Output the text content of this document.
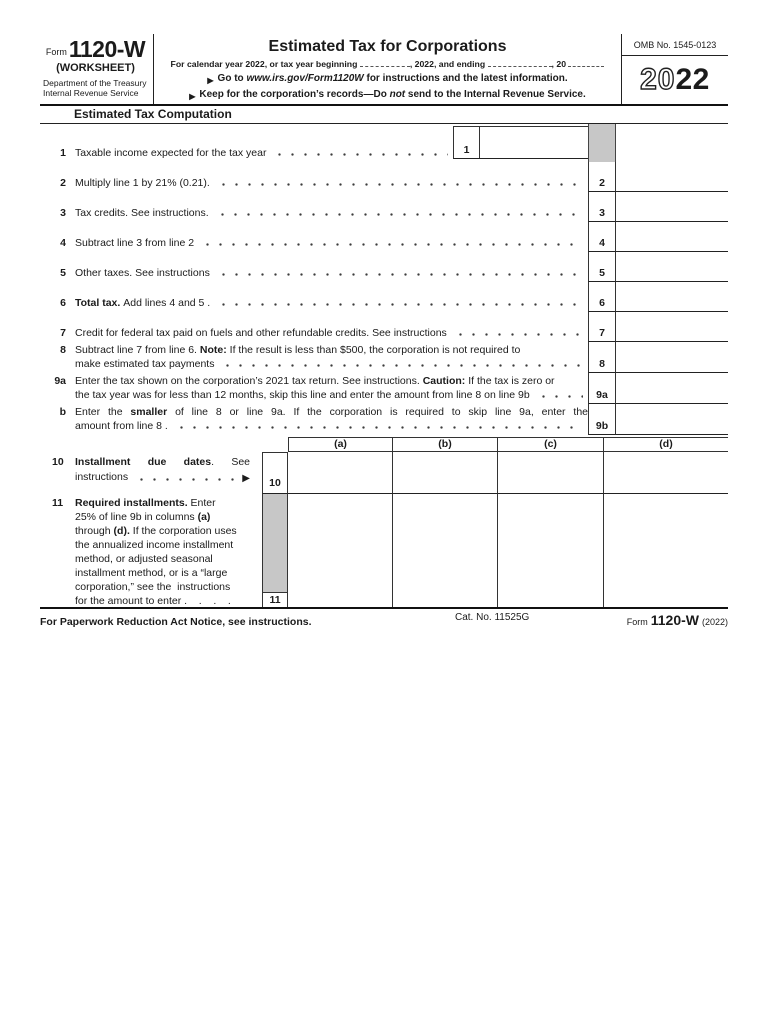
Form 1120-W
(WORKSHEET)
Department of the Treasury
Internal Revenue Service
Estimated Tax for Corporations
For calendar year 2022, or tax year beginning	, 2022, and ending	, 20
▶ Go to www.irs.gov/Form1120W for instructions and the latest information.
▶ Keep for the corporation’s records—Do not send to the Internal Revenue Service.
OMB No. 1545-0123
20 22
Estimated Tax Computation
1 Taxable income expected for the tax year	1
2 Multiply line 1 by 21% (0.21).	2
3 Tax credits. See instructions.	3
4 Subtract line 3 from line 2	4
5 Other taxes. See instructions	5
6 Total tax. Add lines 4 and 5 .	6
7 Credit for federal tax paid on fuels and other refundable credits. See instructions	7
8 Subtract line 7 from line 6. Note: If the result is less than $500, the corporation is not required to
make estimated tax payments	8
9a Enter the tax shown on the corporation’s 2021 tax return. See instructions. Caution: If the tax is zero or
the tax year was for less than 12 months, skip this line and enter the amount from line 8 on line 9b	9a
b Enter the smaller of line 8 or line 9a. If the corporation is required to skip line 9a, enter the
amount from line 8 .	9b
(a)	(b)	(c)	(d)
10	Installment due dates. See
instructions	▶	10
11	Required installments. Enter
25% of line 9b in columns (a)
through (d). If the corporation uses
the annualized income installment
method, or adjusted seasonal
installment method, or is a “large
corporation,” see the  instructions
for the amount to enter .    .    .    .	11
For Paperwork Reduction Act Notice, see instructions.	Cat. No. 11525G	Form 1120-W (2022)
